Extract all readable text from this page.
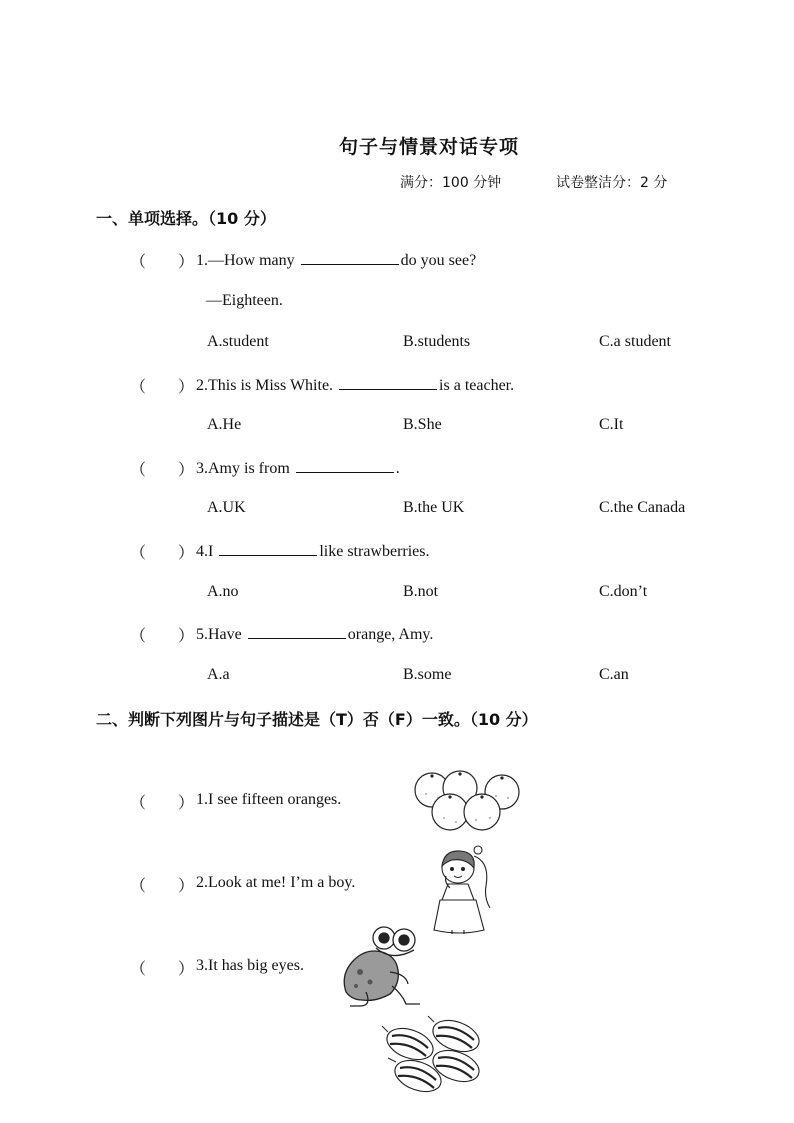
句子与情景对话专项
满分：100 分钟	试卷整洁分：2 分
一、单项选择。（10 分）
（　　） 1.—How many	do you see?
—Eighteen.
A.student	B.students	C.a student
（　　） 2.This is Miss White.	is a teacher.
A.He	B.She	C.It
（　　） 3.Amy is from	.
A.UK	B.the UK	C.the Canada
（　　） 4.I	like strawberries.
A.no	B.not	C.don’t
（　　） 5.Have	orange, Amy.
A.a	B.some	C.an
二、判断下列图片与句子描述是（T）否（F）一致。（10 分）
（　　） 1.I see fifteen oranges.
（　　） 2.Look at me! I’m a boy.
（　　） 3.It has big eyes.
